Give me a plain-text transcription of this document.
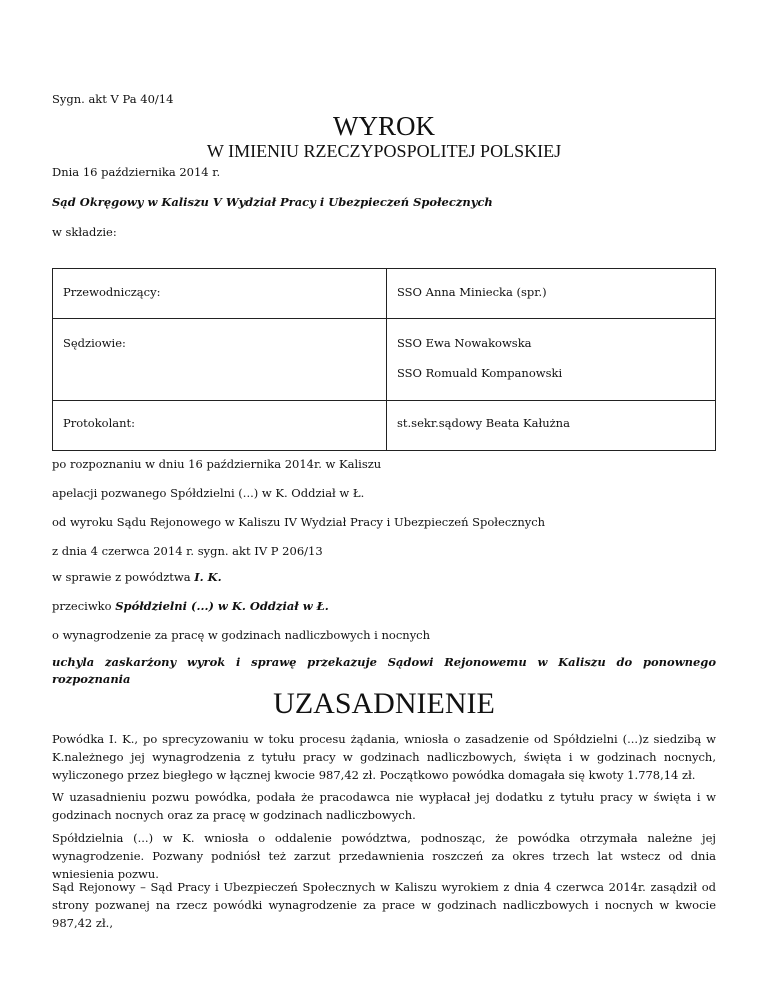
Sygn. akt V Pa 40/14

WYROK
W IMIENIU RZECZYPOSPOLITEJ POLSKIEJ

Dnia 16 października 2014 r.

Sąd Okręgowy w Kaliszu V Wydział Pracy i Ubezpieczeń Społecznych

w składzie:

Przewodniczący:	SSO Anna Miniecka (spr.)
Sędziowie:	SSO Ewa Nowakowska
SSO Romuald Kompanowski

Protokolant:	st.sekr.sądowy Beata Kałużna

po rozpoznaniu w dniu 16 października 2014r. w Kaliszu

apelacji pozwanego Spółdzielni (...) w K. Oddział w Ł.

od wyroku Sądu Rejonowego w Kaliszu IV Wydział Pracy i Ubezpieczeń Społecznych

z dnia 4 czerwca 2014 r. sygn. akt IV P 206/13

w sprawie z powództwa I. K.

przeciwko Spółdzielni (...) w K. Oddział w Ł.

o wynagrodzenie za pracę w godzinach nadliczbowych i nocnych

uchyla zaskarżony wyrok i sprawę przekazuje Sądowi Rejonowemu w Kaliszu do ponownego rozpoznania

UZASADNIENIE

Powódka I. K., po sprecyzowaniu w toku procesu żądania, wniosła o zasadzenie od Spółdzielni (...)z siedzibą w K.należnego jej wynagrodzenia z tytułu pracy w godzinach nadliczbowych, święta i w godzinach nocnych, wyliczonego przez biegłego w łącznej kwocie 987,42 zł. Początkowo powódka domagała się kwoty 1.778,14 zł.

W uzasadnieniu pozwu powódka, podała że pracodawca nie wypłacał jej dodatku z tytułu pracy w święta i w godzinach nocnych oraz za pracę w godzinach nadliczbowych.

Spółdzielnia (...) w K. wniosła o oddalenie powództwa, podnosząc, że powódka otrzymała należne jej wynagrodzenie. Pozwany podniósł też zarzut przedawnienia roszczeń za okres trzech lat wstecz od dnia wniesienia pozwu.

Sąd Rejonowy – Sąd Pracy i Ubezpieczeń Społecznych w Kaliszu wyrokiem z dnia 4 czerwca 2014r. zasądził od strony pozwanej na rzecz powódki wynagrodzenie za prace w godzinach nadliczbowych i nocnych w kwocie 987,42 zł.,
